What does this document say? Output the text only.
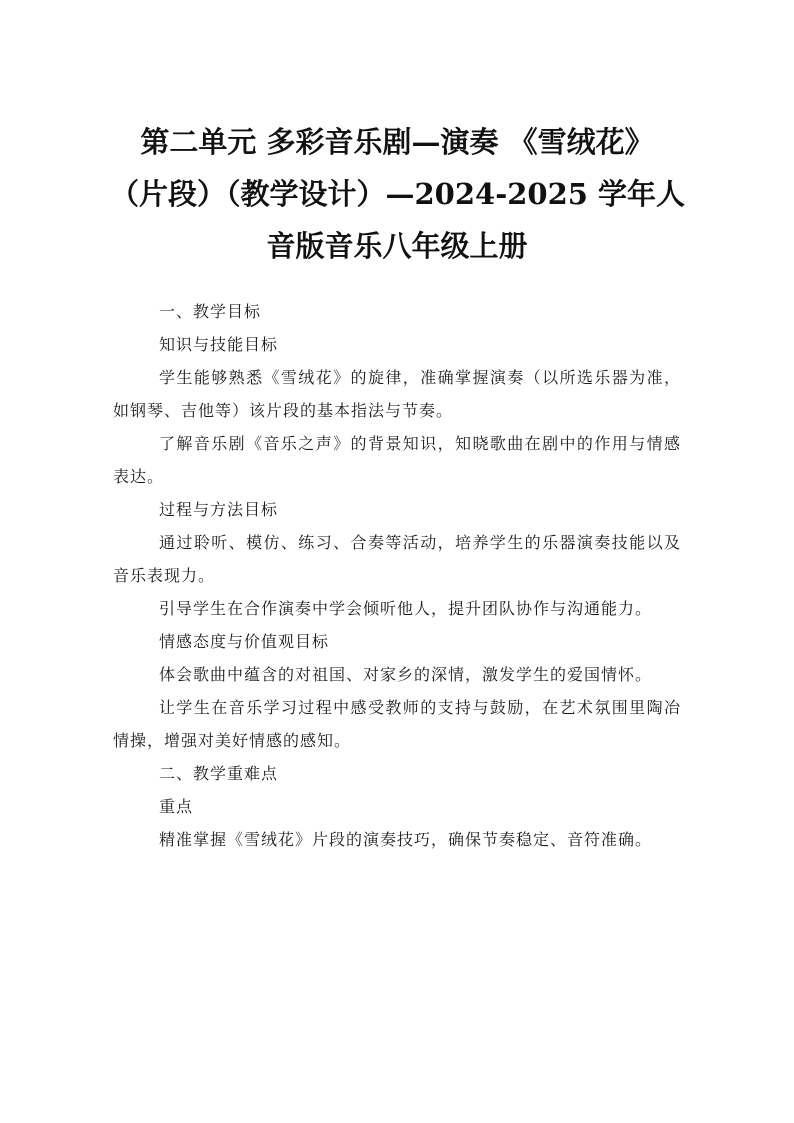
第二单元 多彩音乐剧—演奏 《雪绒花》
（片段）（教学设计）—2024-2025 学年人
音版音乐八年级上册

一、教学目标

知识与技能目标

学生能够熟悉《雪绒花》的旋律，准确掌握演奏（以所选乐器为准，如钢琴、吉他等）该片段的基本指法与节奏。

了解音乐剧《音乐之声》的背景知识，知晓歌曲在剧中的作用与情感表达。

过程与方法目标

通过聆听、模仿、练习、合奏等活动，培养学生的乐器演奏技能以及音乐表现力。

引导学生在合作演奏中学会倾听他人，提升团队协作与沟通能力。

情感态度与价值观目标

体会歌曲中蕴含的对祖国、对家乡的深情，激发学生的爱国情怀。

让学生在音乐学习过程中感受教师的支持与鼓励，在艺术氛围里陶冶情操，增强对美好情感的感知。

二、教学重难点

重点

精准掌握《雪绒花》片段的演奏技巧，确保节奏稳定、音符准确。
